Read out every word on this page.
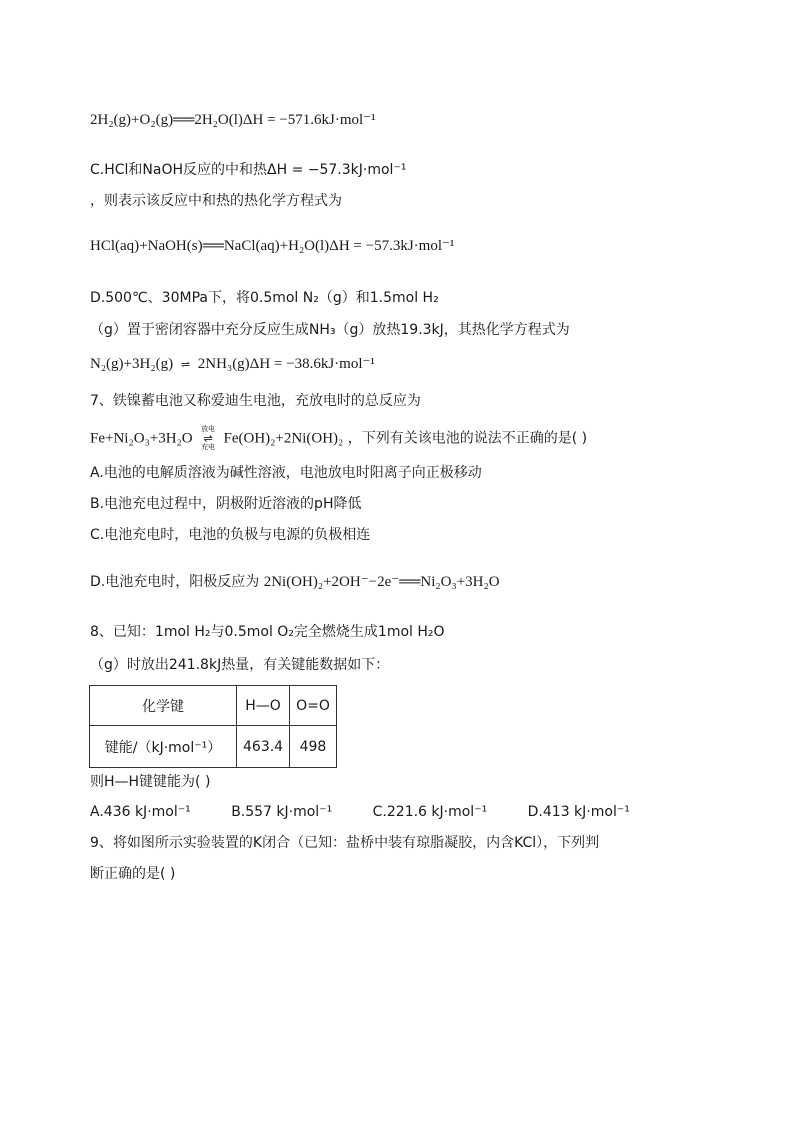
2H₂(g)+O₂(g)══2H₂O(l)ΔH = −571.6kJ·mol⁻¹
C.HCl和NaOH反应的中和热ΔH = −57.3kJ·mol⁻¹
，则表示该反应中和热的热化学方程式为
HCl(aq)+NaOH(s)══NaCl(aq)+H₂O(l)ΔH = −57.3kJ·mol⁻¹
D.500℃、30MPa下，将0.5mol N₂（g）和1.5mol H₂
（g）置于密闭容器中充分反应生成NH₃（g）放热19.3kJ，其热化学方程式为
N₂(g)+3H₂(g) ⇌ 2NH₃(g)ΔH = −38.6kJ·mol⁻¹
7、铁镍蓄电池又称爱迪生电池，充放电时的总反应为
Fe+Ni₂O₃+3H₂O
放电
⇌
充电
Fe(OH)₂+2Ni(OH)₂ ，下列有关该电池的说法不正确的是( )
A.电池的电解质溶液为碱性溶液，电池放电时阳离子向正极移动
B.电池充电过程中，阴极附近溶液的pH降低
C.电池充电时，电池的负极与电源的负极相连
D.电池充电时，阳极反应为 2Ni(OH)₂+2OH⁻−2e⁻══Ni₂O₃+3H₂O
8、已知：1mol H₂与0.5mol O₂完全燃烧生成1mol H₂O
（g）时放出241.8kJ热量，有关键能数据如下：
化学键	H—O	O=O
键能/（kJ·mol⁻¹）	463.4	498
则H—H键键能为( )
A.436 kJ·mol⁻¹	B.557 kJ·mol⁻¹	C.221.6 kJ·mol⁻¹	D.413 kJ·mol⁻¹
9、将如图所示实验装置的K闭合（已知：盐桥中装有琼脂凝胶，内含KCl），下列判
断正确的是( )
